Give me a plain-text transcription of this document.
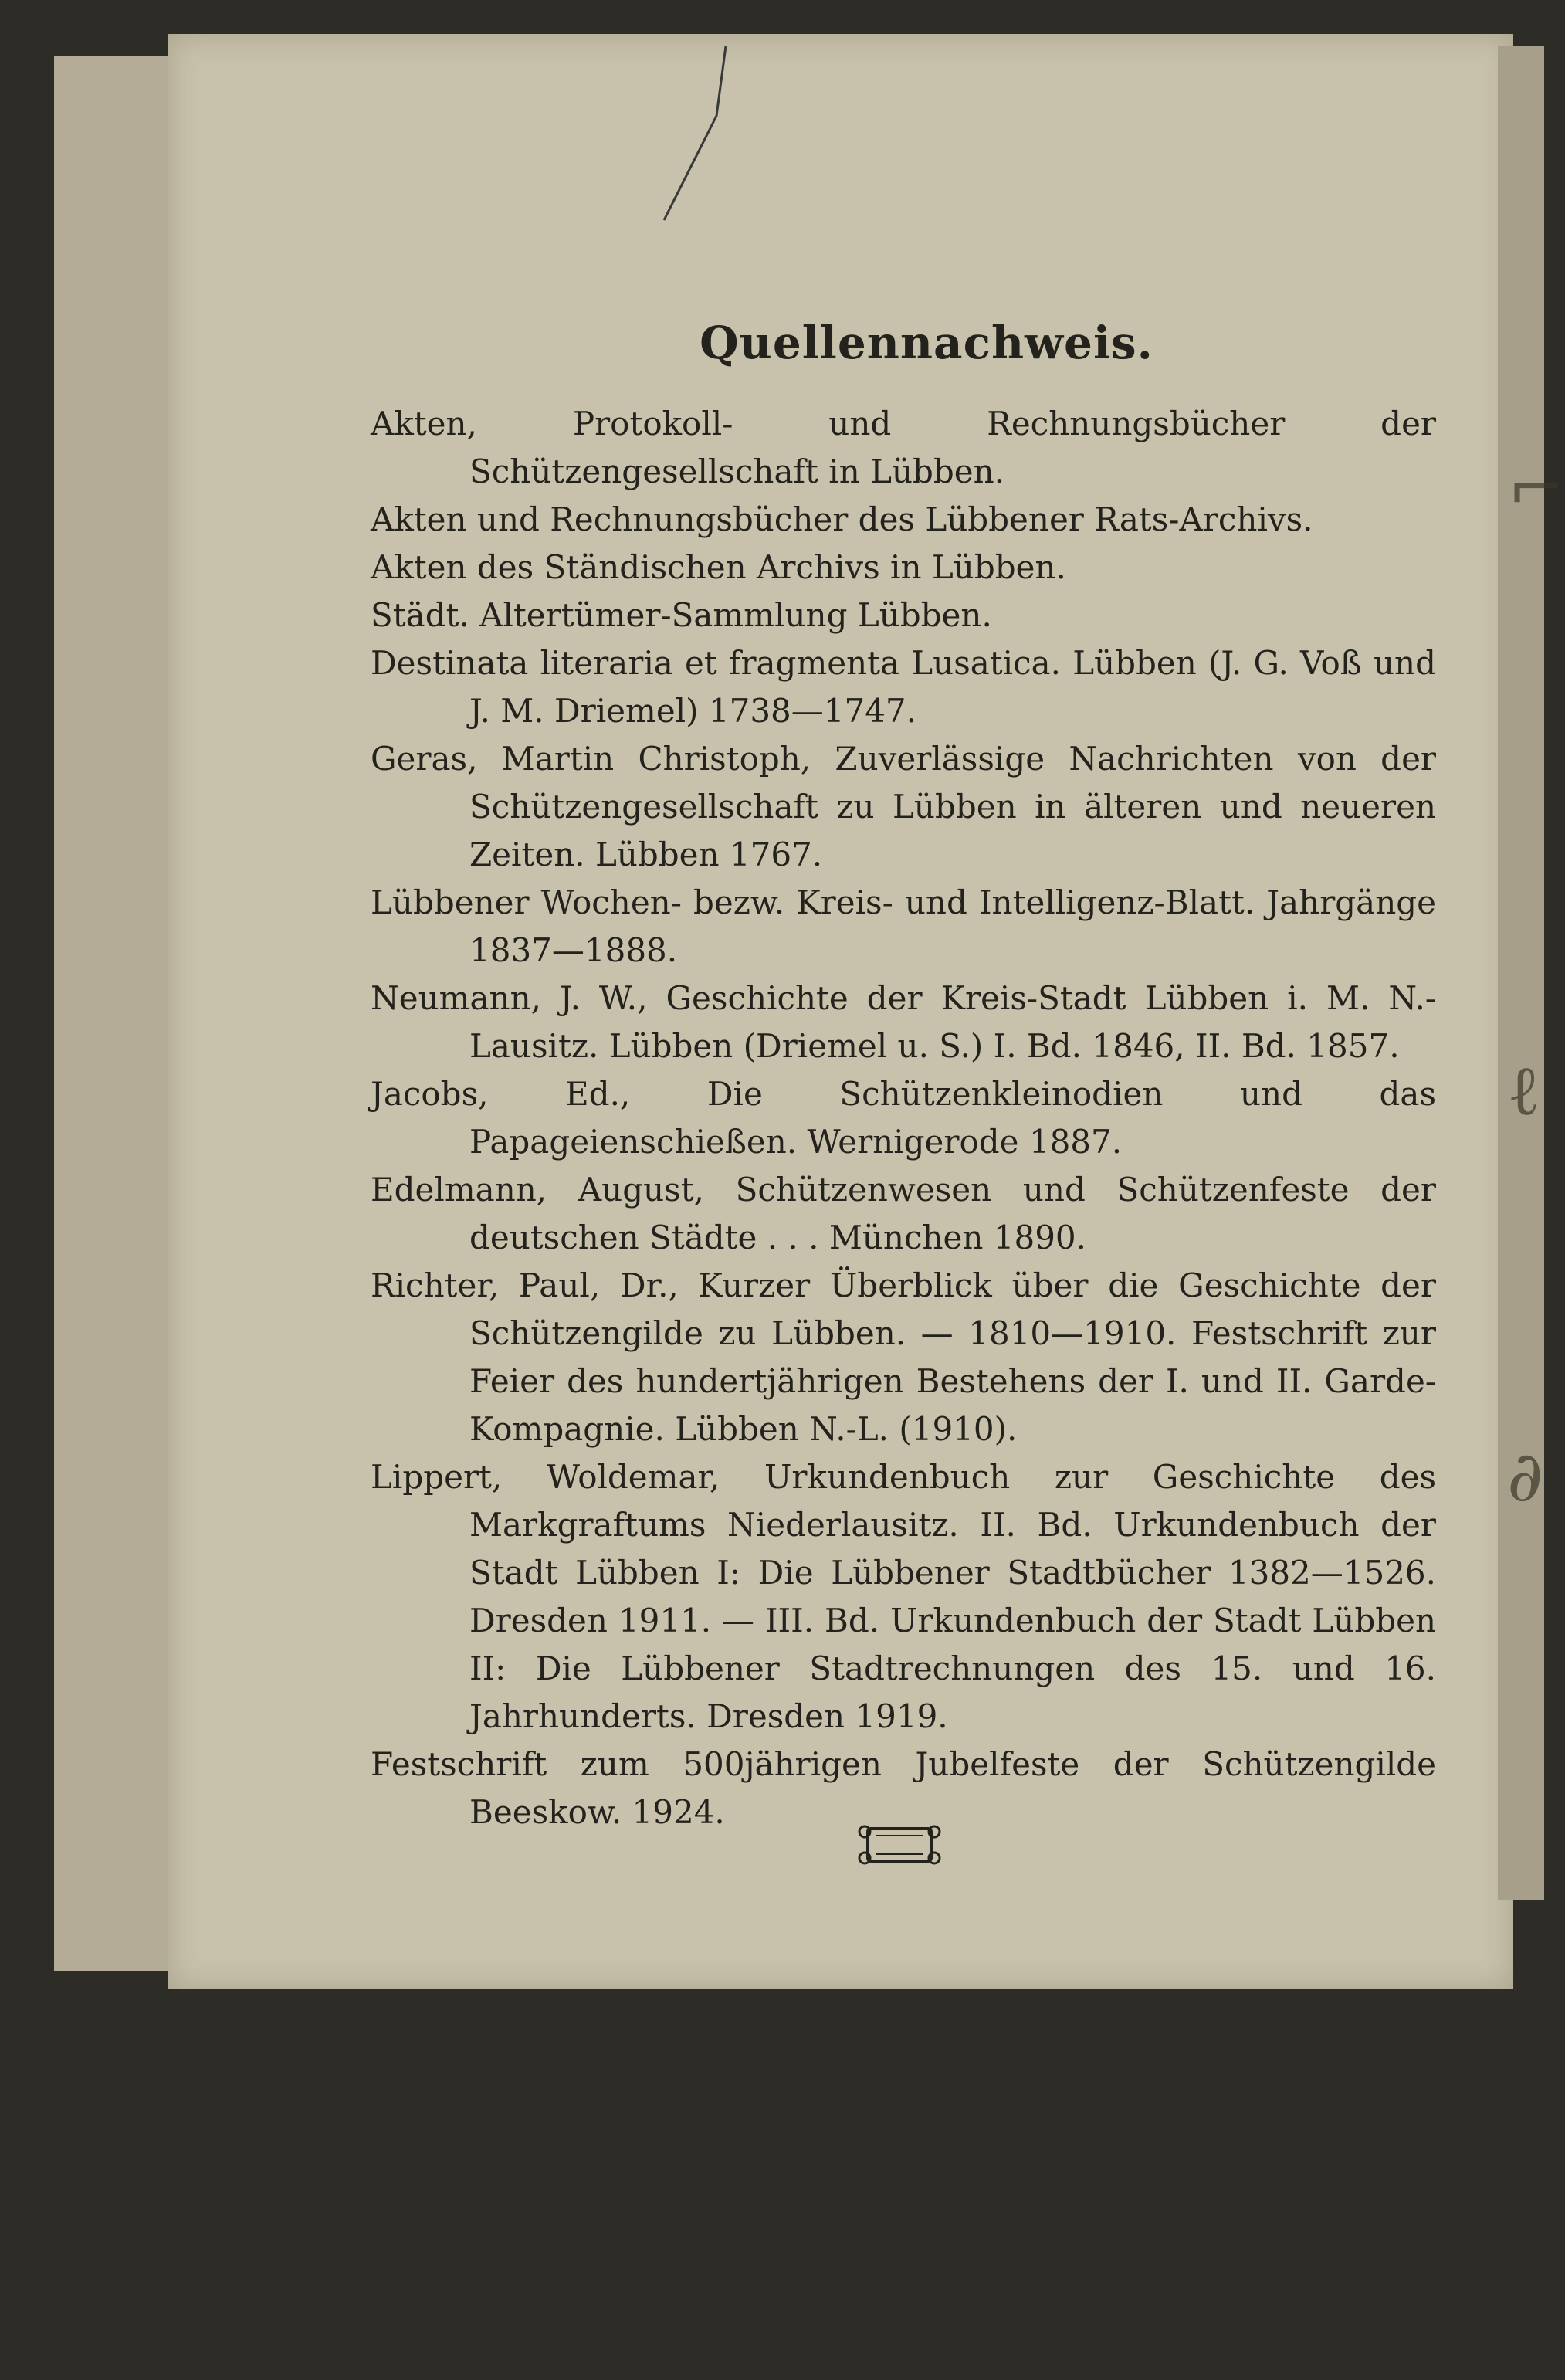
⌐
ℓ
∂
Quellennachweis.

Akten, Protokoll- und Rechnungsbücher der Schützengesellschaft in Lübben.

Akten und Rechnungsbücher des Lübbener Rats-Archivs.

Akten des Ständischen Archivs in Lübben.

Städt. Altertümer-Sammlung Lübben.

Destinata literaria et fragmenta Lusatica. Lübben (J. G. Voß und J. M. Driemel) 1738—1747.

Geras, Martin Christoph, Zuverlässige Nachrichten von der Schützengesellschaft zu Lübben in älteren und neueren Zeiten. Lübben 1767.

Lübbener Wochen- bezw. Kreis- und Intelligenz-Blatt. Jahrgänge 1837—1888.

Neumann, J. W., Geschichte der Kreis-Stadt Lübben i. M. N.-Lausitz. Lübben (Driemel u. S.) I. Bd. 1846, II. Bd. 1857.

Jacobs, Ed., Die Schützenkleinodien und das Papageienschießen. Wernigerode 1887.

Edelmann, August, Schützenwesen und Schützenfeste der deutschen Städte . . . München 1890.

Richter, Paul, Dr., Kurzer Überblick über die Geschichte der Schützengilde zu Lübben. — 1810—1910. Festschrift zur Feier des hundertjährigen Bestehens der I. und II. Garde-Kompagnie. Lübben N.-L. (1910).

Lippert, Woldemar, Urkundenbuch zur Geschichte des Markgraftums Niederlausitz. II. Bd. Urkundenbuch der Stadt Lübben I: Die Lübbener Stadtbücher 1382—1526. Dresden 1911. — III. Bd. Urkundenbuch der Stadt Lübben II: Die Lübbener Stadtrechnungen des 15. und 16. Jahrhunderts. Dresden 1919.

Festschrift zum 500jährigen Jubelfeste der Schützengilde Beeskow. 1924.
